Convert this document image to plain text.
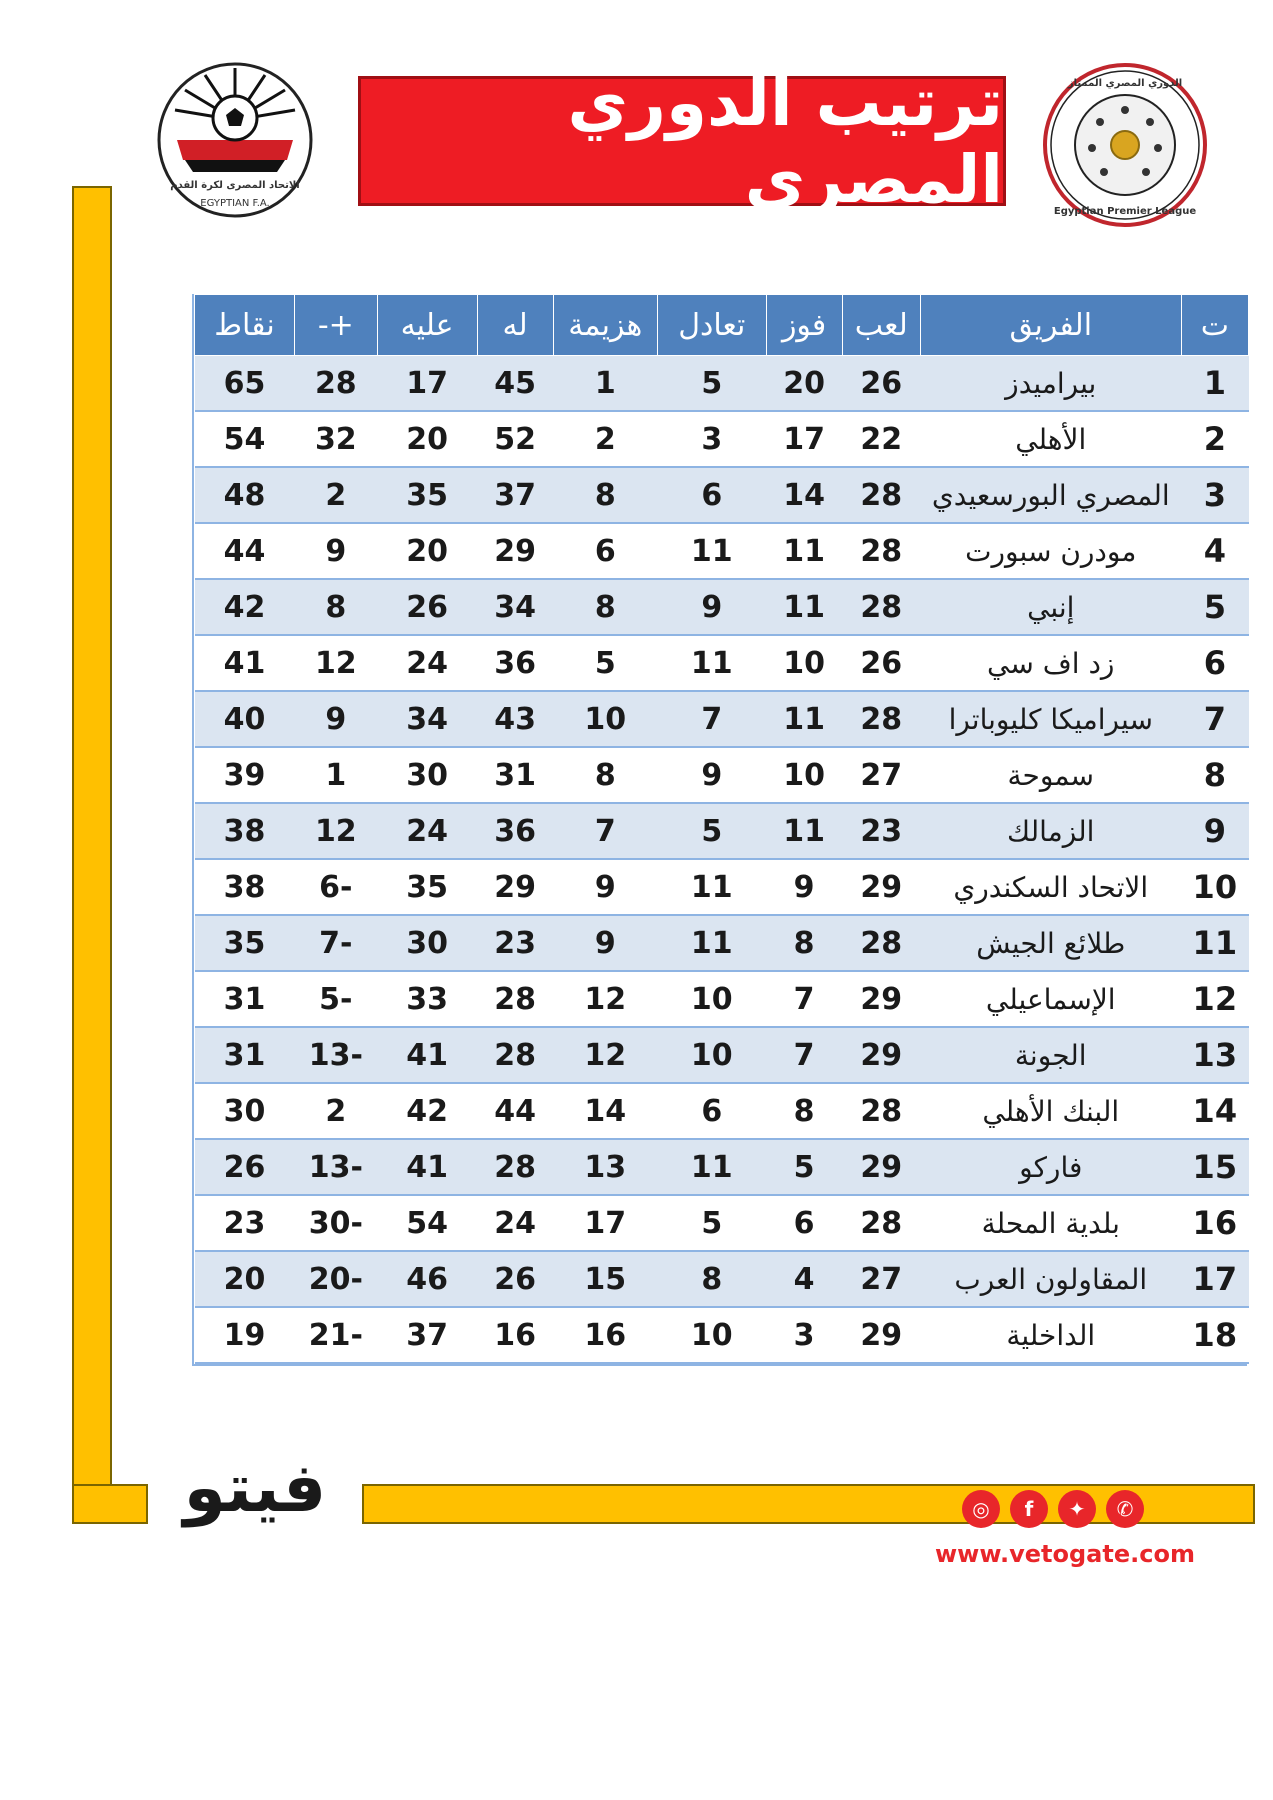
الاتحاد المصرى لكرة القدم
EGYPTIAN F.A.
ترتيب الدوري المصري
الدوري المصري الممتاز
Egyptian Premier League
ت	الفريق	لعب	فوز	تعادل	هزيمة	له	عليه	+-	نقاط
1	بيراميدز	26	20	5	1	45	17	28	65
2	الأهلي	22	17	3	2	52	20	32	54
3	المصري البورسعيدي	28	14	6	8	37	35	2	48
4	مودرن سبورت	28	11	11	6	29	20	9	44
5	إنبي	28	11	9	8	34	26	8	42
6	زد اف سي	26	10	11	5	36	24	12	41
7	سيراميكا كليوباترا	28	11	7	10	43	34	9	40
8	سموحة	27	10	9	8	31	30	1	39
9	الزمالك	23	11	5	7	36	24	12	38
10	الاتحاد السكندري	29	9	11	9	29	35	-6	38
11	طلائع الجيش	28	8	11	9	23	30	-7	35
12	الإسماعيلي	29	7	10	12	28	33	-5	31
13	الجونة	29	7	10	12	28	41	-13	31
14	البنك الأهلي	28	8	6	14	44	42	2	30
15	فاركو	29	5	11	13	28	41	-13	26
16	بلدية المحلة	28	6	5	17	24	54	-30	23
17	المقاولون العرب	27	4	8	15	26	46	-20	20
18	الداخلية	29	3	10	16	16	37	-21	19
فيتو	◎	f	✦	✆
www.vetogate.com
